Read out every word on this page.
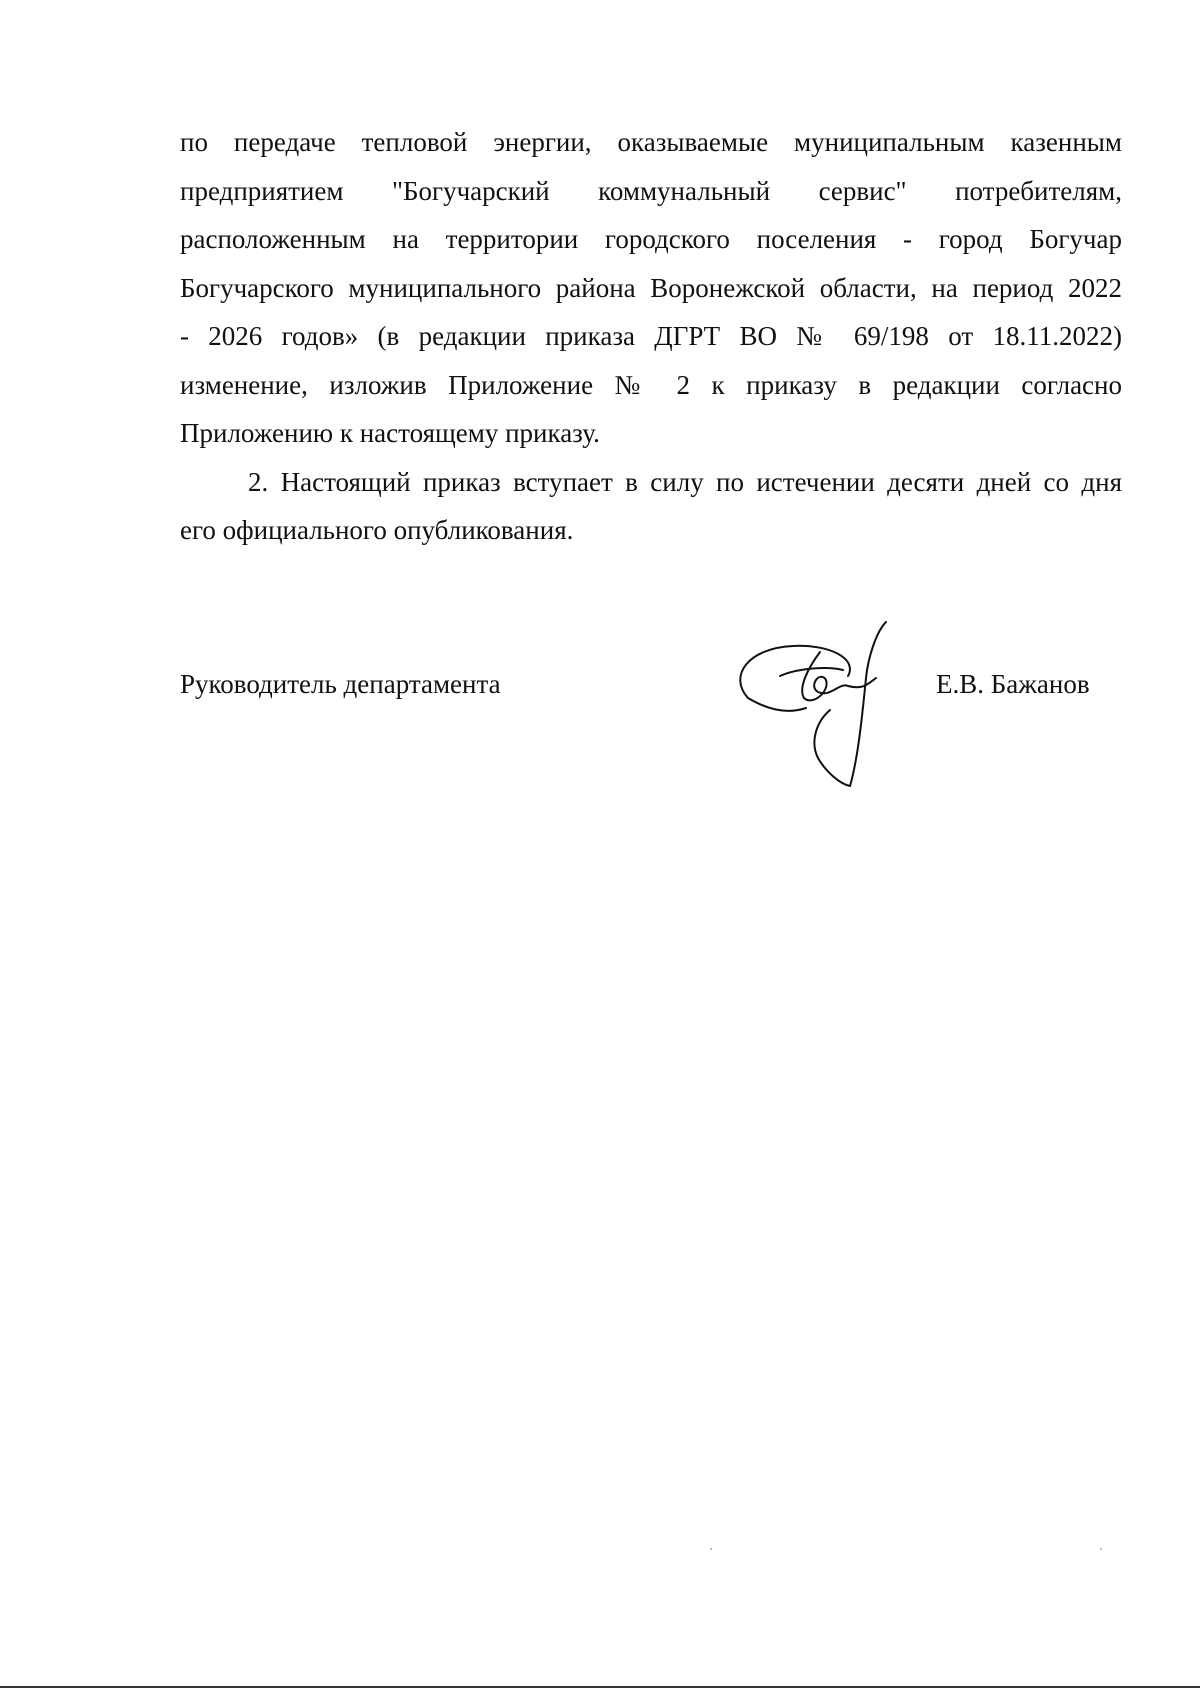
по передаче тепловой энергии, оказываемые муниципальным казенным
предприятием "Богучарский коммунальный сервис" потребителям,
расположенным на территории городского поселения - город Богучар
Богучарского муниципального района Воронежской области, на период 2022
- 2026 годов» (в редакции приказа ДГРТ ВО № 69/198 от 18.11.2022)
изменение, изложив Приложение № 2 к приказу в редакции согласно
Приложению к настоящему приказу.
2. Настоящий приказ вступает в силу по истечении десяти дней со дня
его официального опубликования.
Руководитель департамента	Е.В. Бажанов
